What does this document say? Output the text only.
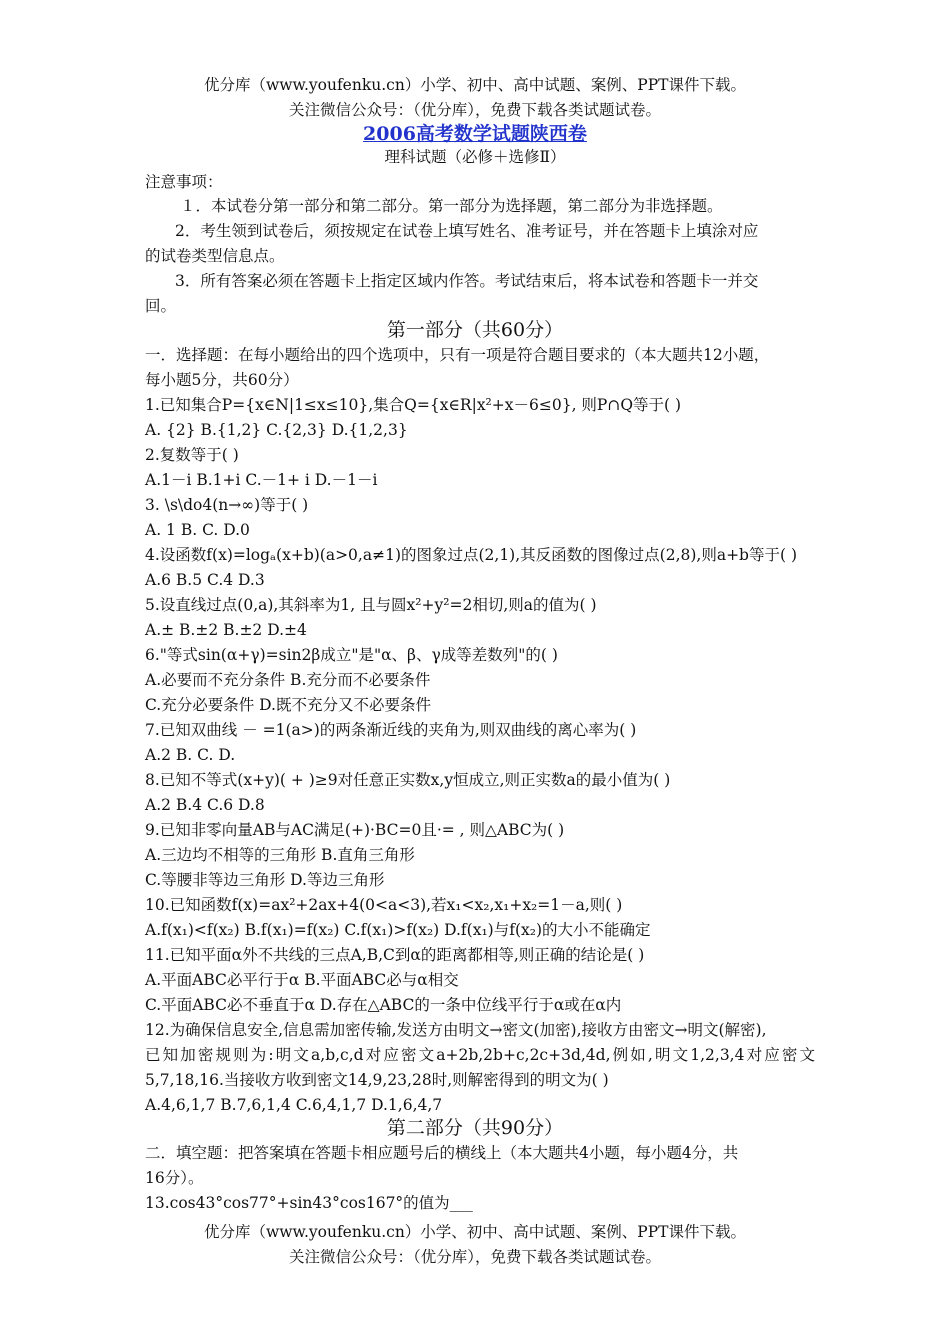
优分库（www.youfenku.cn）小学、初中、高中试题、案例、PPT课件下载。
关注微信公众号：（优分库），免费下载各类试题试卷。
2006高考数学试题陕西卷
理科试题（必修＋选修Ⅱ）
注意事项：
１．本试卷分第一部分和第二部分。第一部分为选择题，第二部分为非选择题。
2．考生领到试卷后，须按规定在试卷上填写姓名、准考证号，并在答题卡上填涂对应
的试卷类型信息点。
3．所有答案必须在答题卡上指定区域内作答。考试结束后，将本试卷和答题卡一并交
回。
第一部分（共60分）
一．选择题：在每小题给出的四个选项中，只有一项是符合题目要求的（本大题共12小题，
每小题5分，共60分）
1.已知集合P={x∈N|1≤x≤10},集合Q={x∈R|x²+x－6≤0}, 则P∩Q等于( )
A. {2} B.{1,2} C.{2,3} D.{1,2,3}
2.复数等于( )
A.1－i B.1+i C.－1+ i D.－1－i
3. \s\do4(n→∞)等于( )
A. 1 B. C. D.0
4.设函数f(x)=logₐ(x+b)(a>0,a≠1)的图象过点(2,1),其反函数的图像过点(2,8),则a+b等于( )
A.6 B.5 C.4 D.3
5.设直线过点(0,a),其斜率为1, 且与圆x²+y²=2相切,则a的值为( )
A.± B.±2 B.±2 D.±4
6."等式sin(α+γ)=sin2β成立"是"α、β、γ成等差数列"的( )
A.必要而不充分条件 B.充分而不必要条件
C.充分必要条件 D.既不充分又不必要条件
7.已知双曲线 － =1(a>)的两条渐近线的夹角为,则双曲线的离心率为( )
A.2 B. C. D.
8.已知不等式(x+y)( + )≥9对任意正实数x,y恒成立,则正实数a的最小值为( )
A.2 B.4 C.6 D.8
9.已知非零向量AB与AC满足(+)·BC=0且·= , 则△ABC为( )
A.三边均不相等的三角形 B.直角三角形
C.等腰非等边三角形 D.等边三角形
10.已知函数f(x)=ax²+2ax+4(0<a<3),若x₁<x₂,x₁+x₂=1－a,则( )
A.f(x₁)<f(x₂) B.f(x₁)=f(x₂) C.f(x₁)>f(x₂) D.f(x₁)与f(x₂)的大小不能确定
11.已知平面α外不共线的三点A,B,C到α的距离都相等,则正确的结论是( )
A.平面ABC必平行于α B.平面ABC必与α相交
C.平面ABC必不垂直于α D.存在△ABC的一条中位线平行于α或在α内
12.为确保信息安全,信息需加密传输,发送方由明文→密文(加密),接收方由密文→明文(解密),
已知加密规则为:明文a,b,c,d对应密文a+2b,2b+c,2c+3d,4d,例如,明文1,2,3,4对应密文
5,7,18,16.当接收方收到密文14,9,23,28时,则解密得到的明文为( )
A.4,6,1,7 B.7,6,1,4 C.6,4,1,7 D.1,6,4,7
第二部分（共90分）
二．填空题：把答案填在答题卡相应题号后的横线上（本大题共4小题，每小题4分，共
16分）。
13.cos43°cos77°+sin43°cos167°的值为___
优分库（www.youfenku.cn）小学、初中、高中试题、案例、PPT课件下载。
关注微信公众号：（优分库），免费下载各类试题试卷。
